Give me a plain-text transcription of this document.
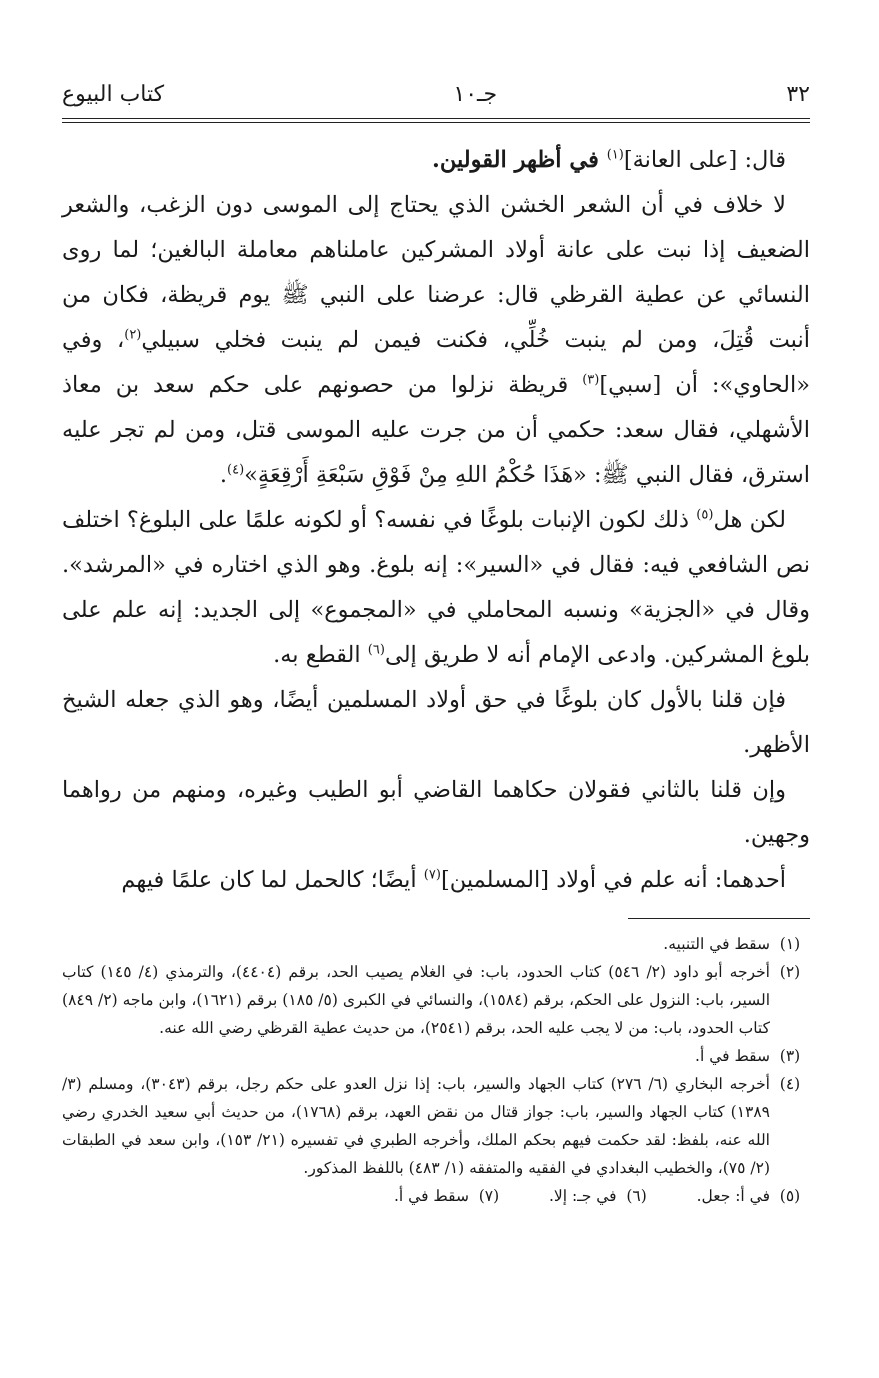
كتاب البيوع	جـ١٠	٣٢

قال: [على العانة]$^{(١)}$ في أظهر القولين.

لا خلاف في أن الشعر الخشن الذي يحتاج إلى الموسى دون الزغب، والشعر الضعيف إذا نبت على عانة أولاد المشركين عاملناهم معاملة البالغين؛ لما روى النسائي عن عطية القرظي قال: عرضنا على النبي ﷺ يوم قريظة، فكان من أنبت قُتِلَ، ومن لم ينبت خُلِّي، فكنت فيمن لم ينبت فخلي سبيلي$^{(٢)}$، وفي «الحاوي»: أن [سبي]$^{(٣)}$ قريظة نزلوا من حصونهم على حكم سعد بن معاذ الأشهلي، فقال سعد: حكمي أن من جرت عليه الموسى قتل، ومن لم تجر عليه استرق، فقال النبي ﷺ: «هَذَا حُكْمُ اللهِ مِنْ فَوْقِ سَبْعَةِ أَرْقِعَةٍ»$^{(٤)}$.

لكن هل$^{(٥)}$ ذلك لكون الإنبات بلوغًا في نفسه؟ أو لكونه علمًا على البلوغ؟ اختلف نص الشافعي فيه: فقال في «السير»: إنه بلوغ. وهو الذي اختاره في «المرشد». وقال في «الجزية» ونسبه المحاملي في «المجموع» إلى الجديد: إنه علم على بلوغ المشركين. وادعى الإمام أنه لا طريق إلى$^{(٦)}$ القطع به.

فإن قلنا بالأول كان بلوغًا في حق أولاد المسلمين أيضًا، وهو الذي جعله الشيخ الأظهر.

وإن قلنا بالثاني فقولان حكاهما القاضي أبو الطيب وغيره، ومنهم من رواهما وجهين.

أحدهما: أنه علم في أولاد [المسلمين]$^{(٧)}$ أيضًا؛ كالحمل لما كان علمًا فيهم

(١)
سقط في التنبيه.
(٢)
أخرجه أبو داود (٢/ ٥٤٦) كتاب الحدود، باب: في الغلام يصيب الحد، برقم (٤٤٠٤)، والترمذي (٤/ ١٤٥) كتاب السير، باب: النزول على الحكم، برقم (١٥٨٤)، والنسائي في الكبرى (٥/ ١٨٥) برقم (١٦٢١)، وابن ماجه (٢/ ٨٤٩) كتاب الحدود، باب: من لا يجب عليه الحد، برقم (٢٥٤١)، من حديث عطية القرظي رضي الله عنه.
(٣)
سقط في أ.
(٤)
أخرجه البخاري (٦/ ٢٧٦) كتاب الجهاد والسير، باب: إذا نزل العدو على حكم رجل، برقم (٣٠٤٣)، ومسلم (٣/ ١٣٨٩) كتاب الجهاد والسير، باب: جواز قتال من نقض العهد، برقم (١٧٦٨)، من حديث أبي سعيد الخدري رضي الله عنه، بلفظ: لقد حكمت فيهم بحكم الملك، وأخرجه الطبري في تفسيره (٢١/ ١٥٣)، وابن سعد في الطبقات (٢/ ٧٥)، والخطيب البغدادي في الفقيه والمتفقه (١/ ٤٨٣) باللفظ المذكور.
(٥)
في أ: جعل.
(٦)
في جـ: إلا.
(٧)
سقط في أ.
